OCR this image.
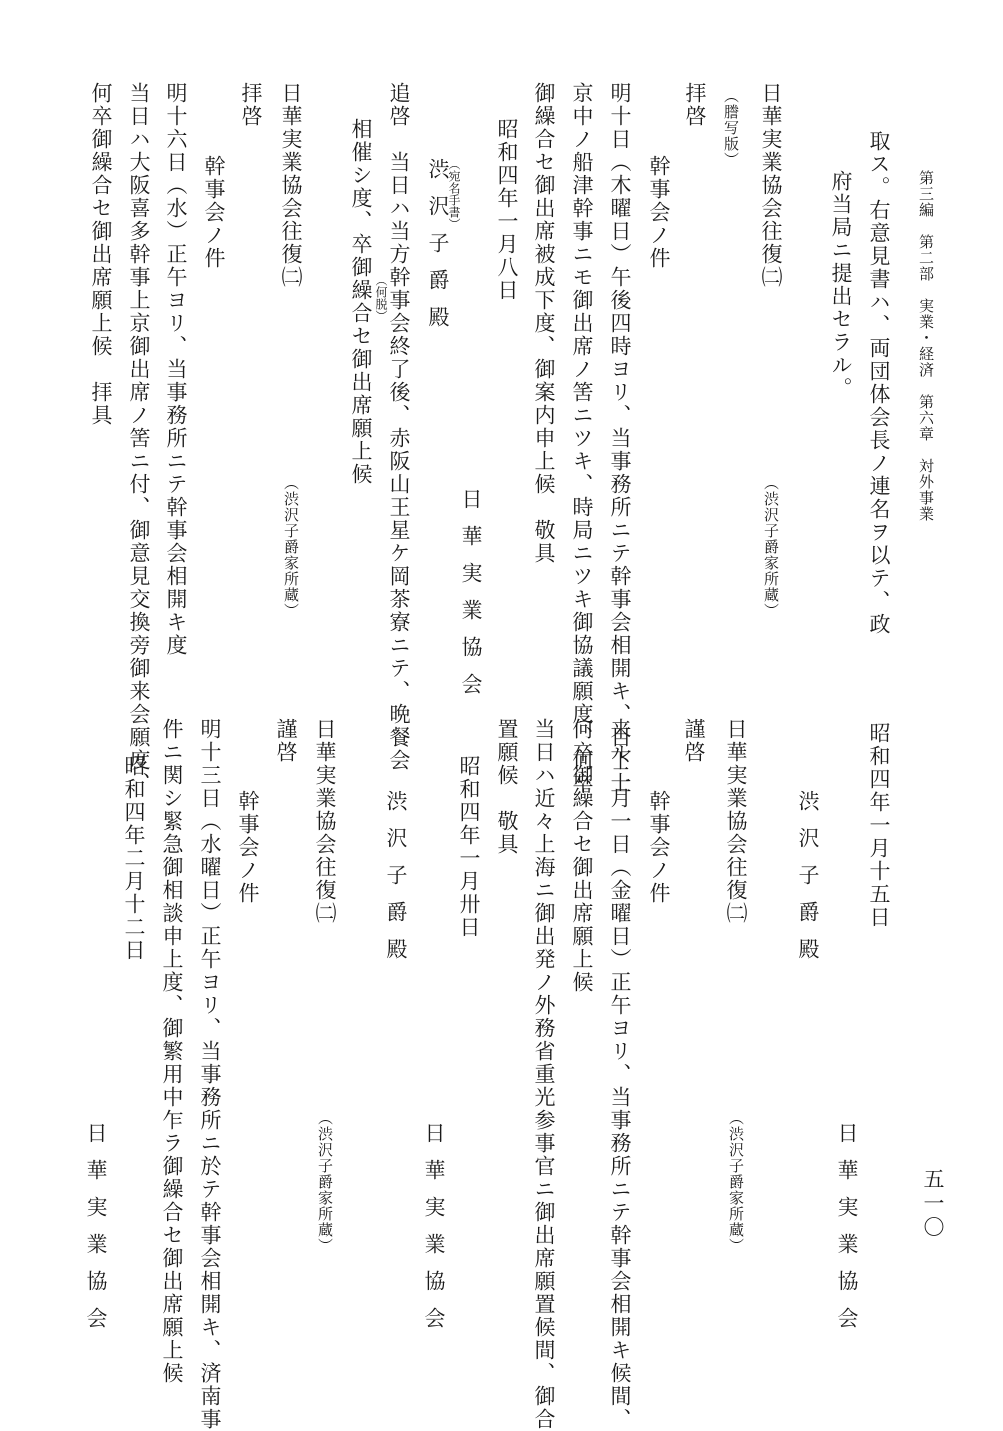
第三編　第二部　実業・経済　第六章　対外事業
五一〇
取ス。右意見書ハ、両団体会長ノ連名ヲ以テ、政
府当局ニ提出セラル。
日華実業協会往復㈡
（渋沢子爵家所蔵）
（謄写版）
拝啓
幹事会ノ件
明十日（木曜日）午後四時ヨリ、当事務所ニテ幹事会相開キ、目下上
京中ノ船津幹事ニモ御出席ノ筈ニツキ、時局ニツキ御協議願度、何卒
御繰合セ御出席被成下度、御案内申上候　敬具
昭和四年一月八日
日華実業協会
（宛名手書）
渋沢子爵殿
追啓　当日ハ当方幹事会終了後、赤阪山王星ケ岡茶寮ニテ、晩餐会
（何脱）
相催シ度、卒御繰合セ御出席願上候
日華実業協会往復㈡
（渋沢子爵家所蔵）
拝啓
幹事会ノ件
明十六日（水）正午ヨリ、当事務所ニテ幹事会相開キ度
当日ハ大阪喜多幹事上京御出席ノ筈ニ付、御意見交換旁御来会願度、
何卒御繰合セ御出席願上候　拝具
昭和四年一月十五日
日華実業協会
渋沢子爵殿
日華実業協会往復㈡
（渋沢子爵家所蔵）
謹啓
幹事会ノ件
来ル二月一日（金曜日）正午ヨリ、当事務所ニテ幹事会相開キ候間、
何卒御繰合セ御出席願上候
当日ハ近々上海ニ御出発ノ外務省重光参事官ニ御出席願置候間、御合
置願候　敬具
昭和四年一月卅日
日華実業協会
渋沢子爵殿
日華実業協会往復㈡
（渋沢子爵家所蔵）
謹啓
幹事会ノ件
明十三日（水曜日）正午ヨリ、当事務所ニ於テ幹事会相開キ、済南事
件ニ関シ緊急御相談申上度、御繁用中乍ラ御繰合セ御出席願上候
昭和四年二月十二日
日華実業協会
